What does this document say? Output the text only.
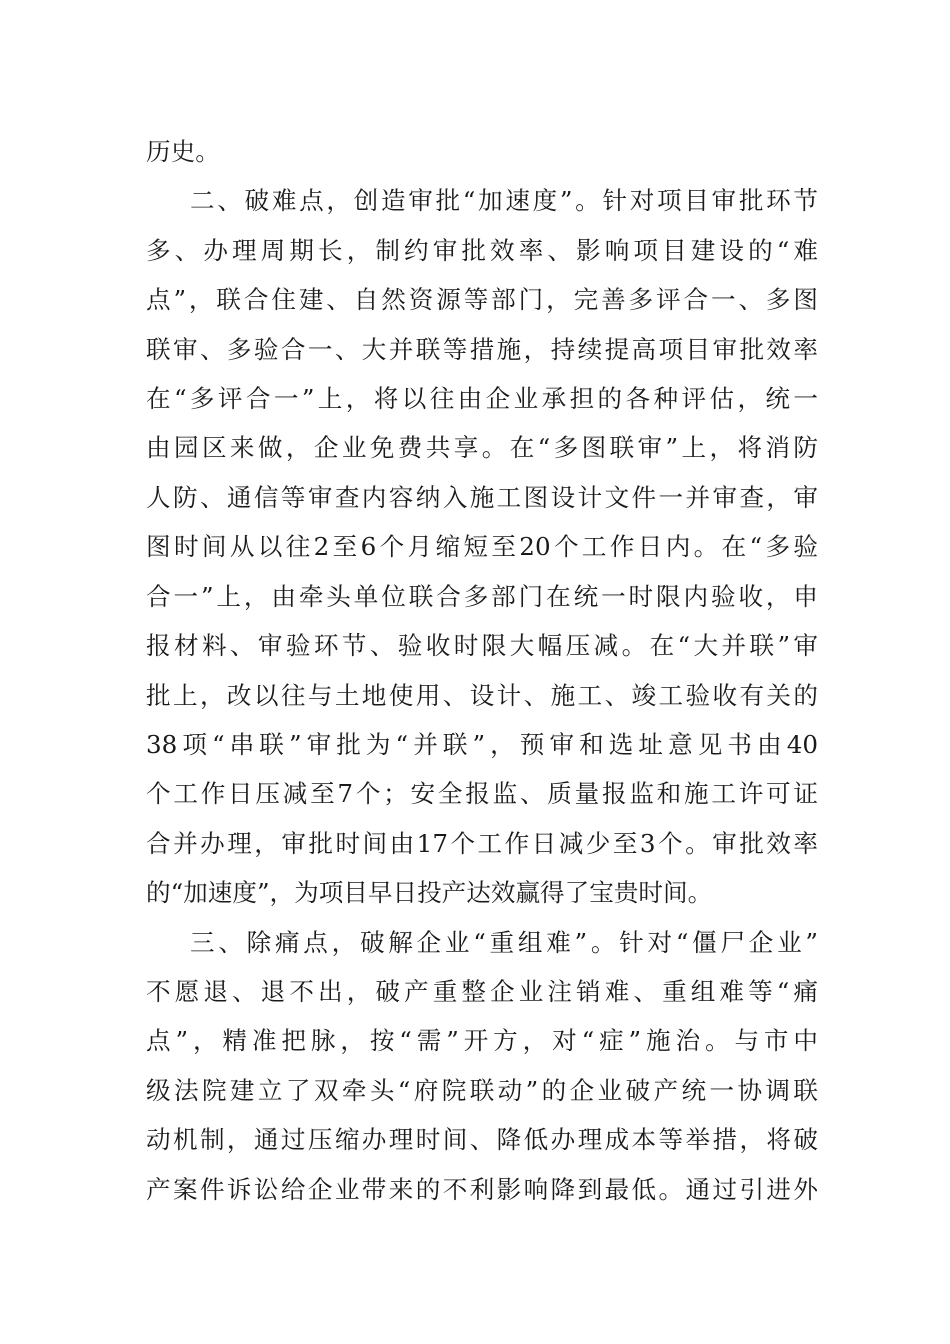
历史。
二、破难点，创造审批“加速度”。针对项目审批环节
多、办理周期长，制约审批效率、影响项目建设的“难
点”，联合住建、自然资源等部门，完善多评合一、多图
联审、多验合一、大并联等措施，持续提高项目审批效率
在“多评合一”上，将以往由企业承担的各种评估，统一
由园区来做，企业免费共享。在“多图联审”上，将消防
人防、通信等审查内容纳入施工图设计文件一并审查，审
图时间从以往2至6个月缩短至20个工作日内。在“多验
合一”上，由牵头单位联合多部门在统一时限内验收，申
报材料、审验环节、验收时限大幅压减。在“大并联”审
批上，改以往与土地使用、设计、施工、竣工验收有关的
38项“串联”审批为“并联”，预审和选址意见书由40
个工作日压减至7个；安全报监、质量报监和施工许可证
合并办理，审批时间由17个工作日减少至3个。审批效率
的“加速度”，为项目早日投产达效赢得了宝贵时间。
三、除痛点，破解企业“重组难”。针对“僵尸企业”
不愿退、退不出，破产重整企业注销难、重组难等“痛
点”，精准把脉，按“需”开方，对“症”施治。与市中
级法院建立了双牵头“府院联动”的企业破产统一协调联
动机制，通过压缩办理时间、降低办理成本等举措，将破
产案件诉讼给企业带来的不利影响降到最低。通过引进外
